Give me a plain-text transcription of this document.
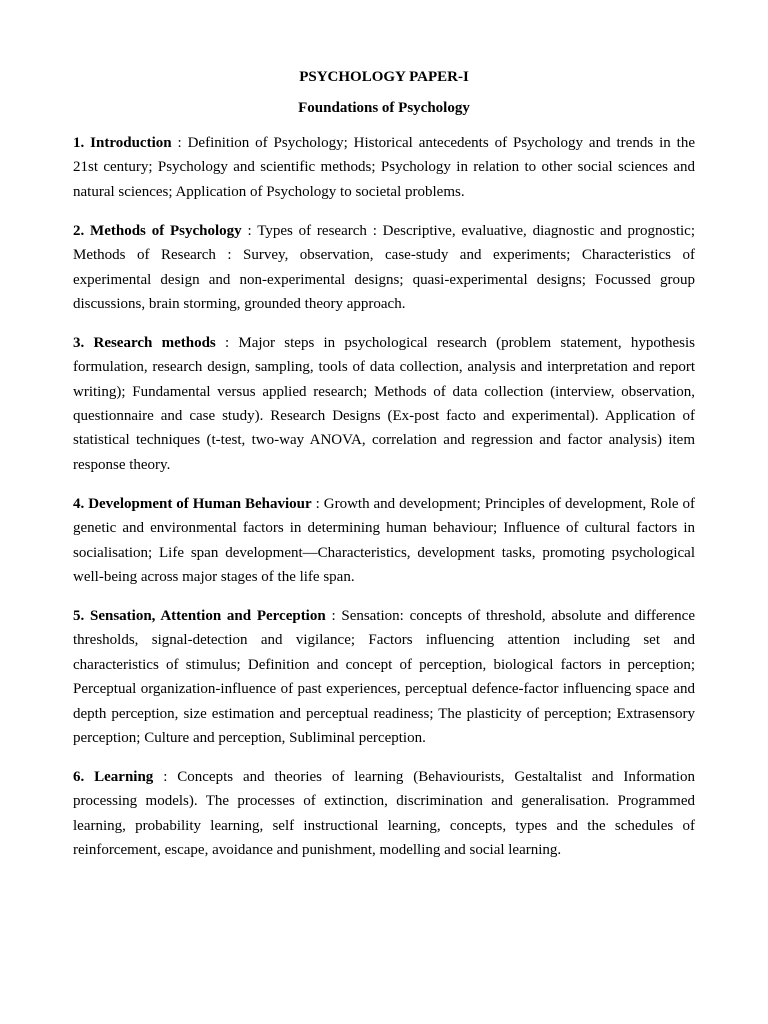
PSYCHOLOGY PAPER-I

Foundations of Psychology

1. Introduction : Definition of Psychology; Historical antecedents of Psychology and trends in the 21st century; Psychology and scientific methods; Psychology in relation to other social sciences and natural sciences; Application of Psychology to societal problems.

2. Methods of Psychology : Types of research : Descriptive, evaluative, diagnostic and prognostic; Methods of Research : Survey, observation, case-study and experiments; Characteristics of experimental design and non-experimental designs; quasi-experimental designs; Focussed group discussions, brain storming, grounded theory approach.

3. Research methods : Major steps in psychological research (problem statement, hypothesis formulation, research design, sampling, tools of data collection, analysis and interpretation and report writing); Fundamental versus applied research; Methods of data collection (interview, observation, questionnaire and case study). Research Designs (Ex-post facto and experimental). Application of statistical techniques (t-test, two-way ANOVA, correlation and regression and factor analysis) item response theory.

4. Development of Human Behaviour : Growth and development; Principles of development, Role of genetic and environmental factors in determining human behaviour; Influence of cultural factors in socialisation; Life span development—Characteristics, development tasks, promoting psychological well-being across major stages of the life span.

5. Sensation, Attention and Perception : Sensation: concepts of threshold, absolute and difference thresholds, signal-detection and vigilance; Factors influencing attention including set and characteristics of stimulus; Definition and concept of perception, biological factors in perception; Perceptual organization-influence of past experiences, perceptual defence-factor influencing space and depth perception, size estimation and perceptual readiness; The plasticity of perception; Extrasensory perception; Culture and perception, Subliminal perception.

6. Learning : Concepts and theories of learning (Behaviourists, Gestaltalist and Information processing models). The processes of extinction, discrimination and generalisation. Programmed learning, probability learning, self instructional learning, concepts, types and the schedules of reinforcement, escape, avoidance and punishment, modelling and social learning.
